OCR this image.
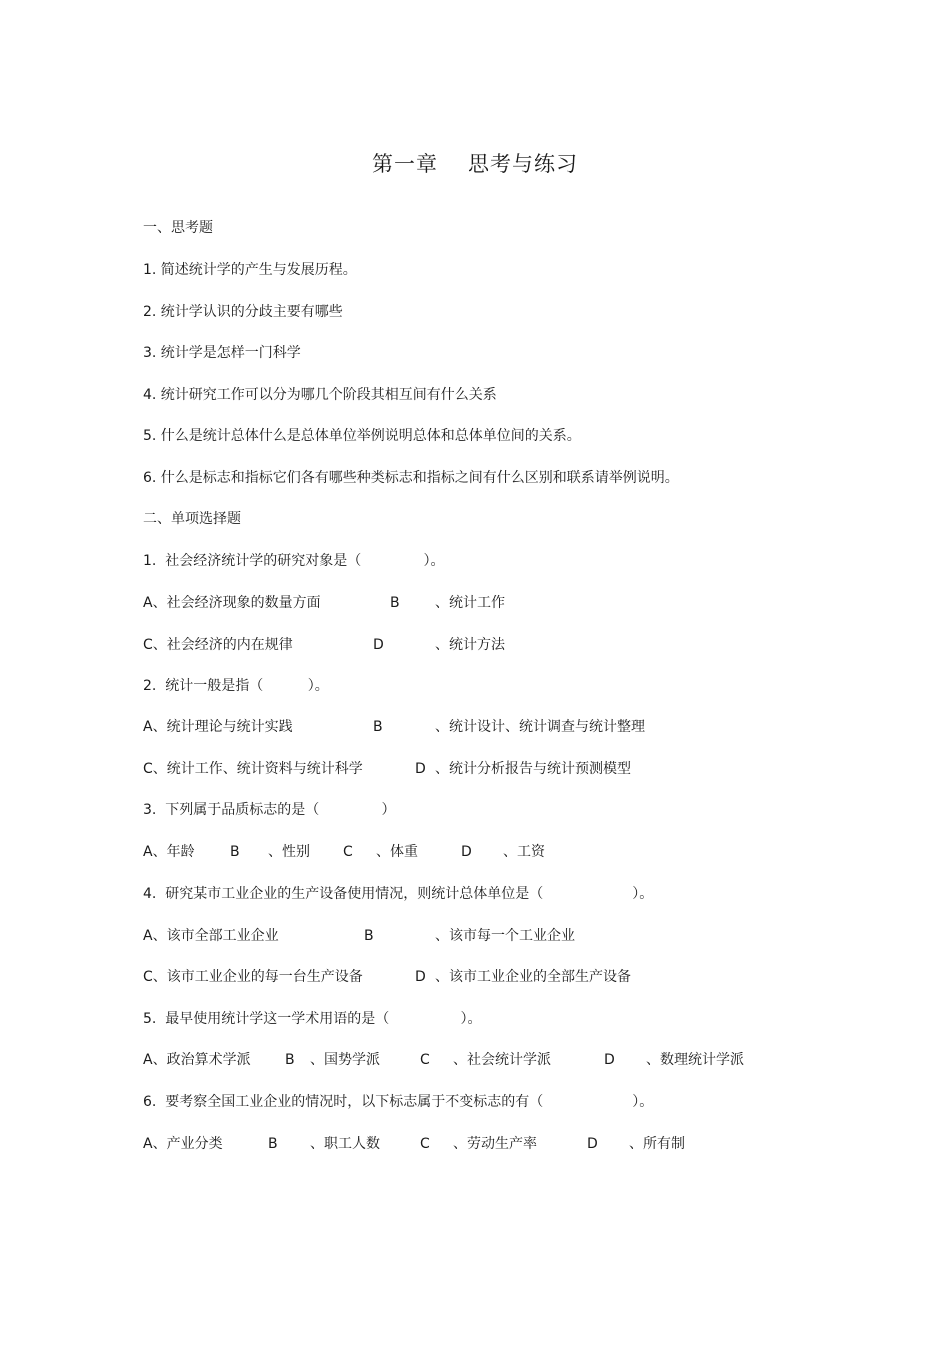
第一章 思考与练习
一、思考题
1. 简述统计学的产生与发展历程。
2. 统计学认识的分歧主要有哪些
3. 统计学是怎样一门科学
4. 统计研究工作可以分为哪几个阶段其相互间有什么关系
5. 什么是统计总体什么是总体单位举例说明总体和总体单位间的关系。
6. 什么是标志和指标它们各有哪些种类标志和指标之间有什么区别和联系请举例说明。
二、单项选择题
1.  社会经济统计学的研究对象是（              ）。
A、社会经济现象的数量方面	B	、统计工作
C、社会经济的内在规律	D	、统计方法
2.  统计一般是指（          ）。
A、统计理论与统计实践	B	、统计设计、统计调查与统计整理
C、统计工作、统计资料与统计科学	D 、统计分析报告与统计预测模型
3.  下列属于品质标志的是（              ）
A、年龄	B 、性别 C 、体重	D 、工资
4.  研究某市工业企业的生产设备使用情况，则统计总体单位是（                    ）。
A、该市全部工业企业	B	、该市每一个工业企业
C、该市工业企业的每一台生产设备	D 、该市工业企业的全部生产设备
5.  最早使用统计学这一学术用语的是（                ）。
A、政治算术学派 B 、国势学派	C 、社会统计学派	D 、数理统计学派
6.  要考察全国工业企业的情况时，以下标志属于不变标志的有（                    ）。
A、产业分类	B 、职工人数	C 、劳动生产率	D 、所有制
